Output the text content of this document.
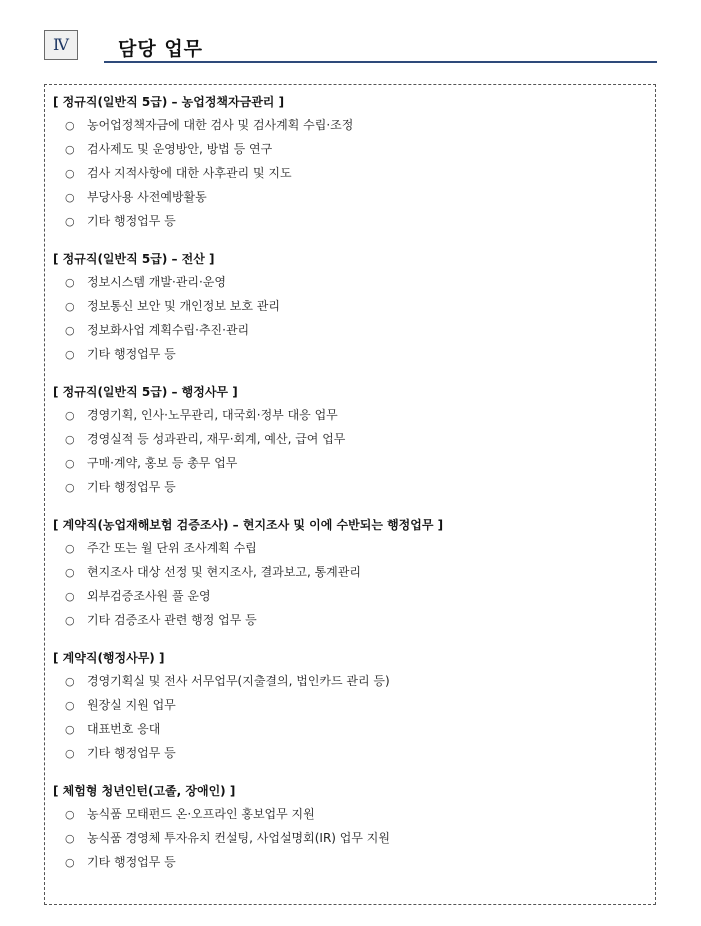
Ⅳ	담당 업무
[ 정규직(일반직 5급) – 농업정책자금관리 ]
○ 농어업정책자금에 대한 검사 및 검사계획 수립·조정
○ 검사제도 및 운영방안, 방법 등 연구
○ 검사 지적사항에 대한 사후관리 및 지도
○ 부당사용 사전예방활동
○ 기타 행정업무 등
[ 정규직(일반직 5급) – 전산 ]
○ 정보시스템 개발·관리·운영
○ 정보통신 보안 및 개인정보 보호 관리
○ 정보화사업 계획수립·추진·관리
○ 기타 행정업무 등
[ 정규직(일반직 5급) – 행정사무 ]
○ 경영기획, 인사·노무관리, 대국회·정부 대응 업무
○ 경영실적 등 성과관리, 재무·회계, 예산, 급여 업무
○ 구매·계약, 홍보 등 총무 업무
○ 기타 행정업무 등
[ 계약직(농업재해보험 검증조사) – 현지조사 및 이에 수반되는 행정업무 ]
○ 주간 또는 월 단위 조사계획 수립
○ 현지조사 대상 선정 및 현지조사, 결과보고, 통계관리
○ 외부검증조사원 풀 운영
○ 기타 검증조사 관련 행정 업무 등
[ 계약직(행정사무) ]
○ 경영기획실 및 전사 서무업무(지출결의, 법인카드 관리 등)
○ 원장실 지원 업무
○ 대표번호 응대
○ 기타 행정업무 등
[ 체험형 청년인턴(고졸, 장애인) ]
○ 농식품 모태펀드 온·오프라인 홍보업무 지원
○ 농식품 경영체 투자유치 컨설팅, 사업설명회(IR) 업무 지원
○ 기타 행정업무 등
